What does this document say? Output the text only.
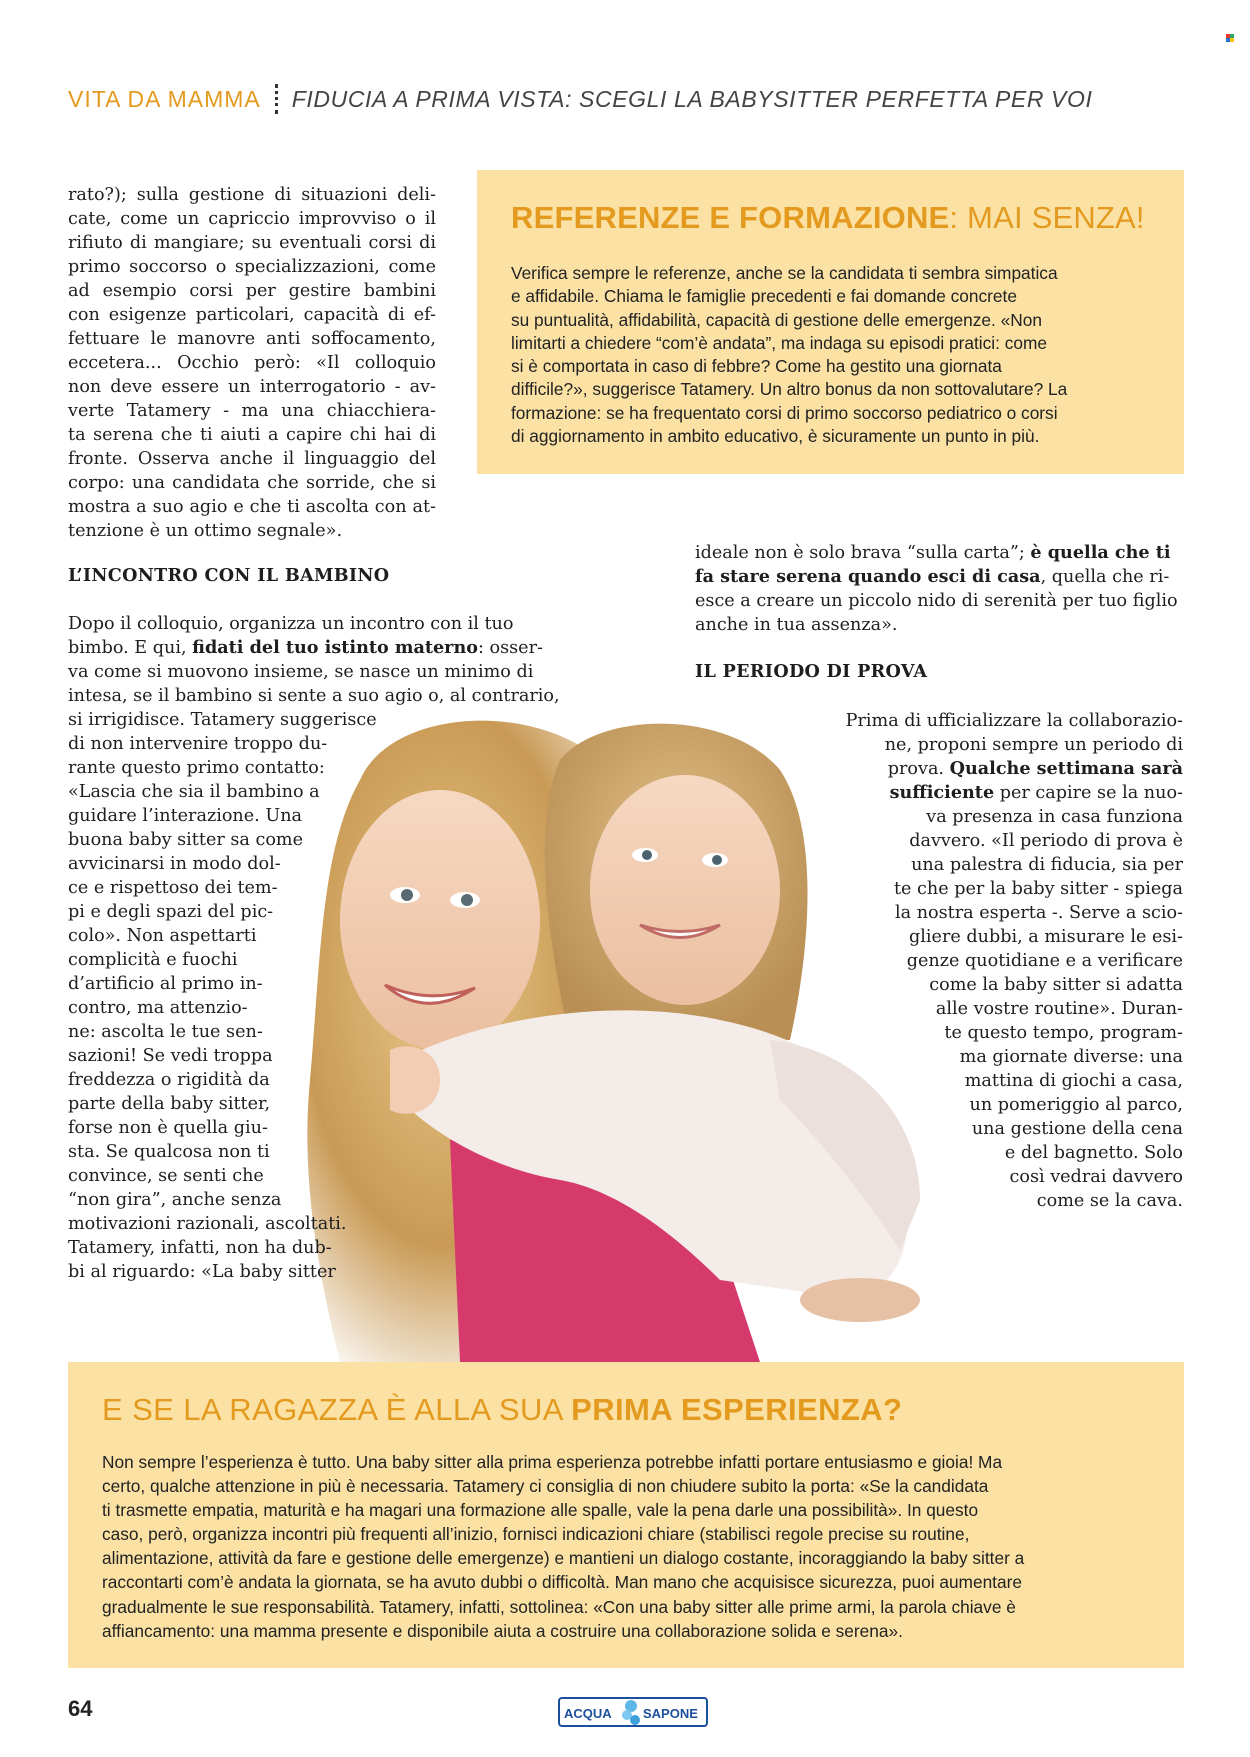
VITA DA MAMMA FIDUCIA A PRIMA VISTA: SCEGLI LA BABYSITTER PERFETTA PER VOI
rato?); sulla gestione di situazioni deli-
cate, come un capriccio improvviso o il
rifiuto di mangiare; su eventuali corsi di
primo soccorso o specializzazioni, come
ad esempio corsi per gestire bambini
con esigenze particolari, capacità di ef-
fettuare le manovre anti soffocamento,
eccetera... Occhio però: «Il colloquio
non deve essere un interrogatorio - av-
verte Tatamery - ma una chiacchiera-
ta serena che ti aiuti a capire chi hai di
fronte. Osserva anche il linguaggio del
corpo: una candidata che sorride, che si
mostra a suo agio e che ti ascolta con at-
tenzione è un ottimo segnale».
REFERENZE E FORMAZIONE: MAI SENZA!
Verifica sempre le referenze, anche se la candidata ti sembra simpatica
e affidabile. Chiama le famiglie precedenti e fai domande concrete
su puntualità, affidabilità, capacità di gestione delle emergenze. «Non
limitarti a chiedere “com’è andata”, ma indaga su episodi pratici: come
si è comportata in caso di febbre? Come ha gestito una giornata
difficile?», suggerisce Tatamery. Un altro bonus da non sottovalutare? La
formazione: se ha frequentato corsi di primo soccorso pediatrico o corsi
di aggiornamento in ambito educativo, è sicuramente un punto in più.
L’INCONTRO CON IL BAMBINO
Dopo il colloquio, organizza un incontro con il tuo
bimbo. E qui, fidati del tuo istinto materno: osser-
va come si muovono insieme, se nasce un minimo di
intesa, se il bambino si sente a suo agio o, al contrario,
si irrigidisce. Tatamery suggerisce
di non intervenire troppo du-
rante questo primo contatto:
«Lascia che sia il bambino a
guidare l’interazione. Una
buona baby sitter sa come
avvicinarsi in modo dol-
ce e rispettoso dei tem-
pi e degli spazi del pic-
colo». Non aspettarti
complicità e fuochi
d’artificio al primo in-
contro, ma attenzio-
ne: ascolta le tue sen-
sazioni! Se vedi troppa
freddezza o rigidità da
parte della baby sitter,
forse non è quella giu-
sta. Se qualcosa non ti
convince, se senti che
“non gira”, anche senza
motivazioni razionali, ascoltati.
Tatamery, infatti, non ha dub-
bi al riguardo: «La baby sitter
ideale non è solo brava “sulla carta”; è quella che ti
fa stare serena quando esci di casa, quella che ri-
esce a creare un piccolo nido di serenità per tuo figlio
anche in tua assenza».
IL PERIODO DI PROVA
Prima di ufficializzare la collaborazio-
ne, proponi sempre un periodo di
prova. Qualche settimana sarà
sufficiente per capire se la nuo-
va presenza in casa funziona
davvero. «Il periodo di prova è
una palestra di fiducia, sia per
te che per la baby sitter - spiega
la nostra esperta -. Serve a scio-
gliere dubbi, a misurare le esi-
genze quotidiane e a verificare
come la baby sitter si adatta
alle vostre routine». Duran-
te questo tempo, program-
ma giornate diverse: una
mattina di giochi a casa,
un pomeriggio al parco,
una gestione della cena
e del bagnetto. Solo
così vedrai davvero
come se la cava.
E SE LA RAGAZZA È ALLA SUA PRIMA ESPERIENZA?
Non sempre l’esperienza è tutto. Una baby sitter alla prima esperienza potrebbe infatti portare entusiasmo e gioia! Ma
certo, qualche attenzione in più è necessaria. Tatamery ci consiglia di non chiudere subito la porta: «Se la candidata
ti trasmette empatia, maturità e ha magari una formazione alle spalle, vale la pena darle una possibilità». In questo
caso, però, organizza incontri più frequenti all’inizio, fornisci indicazioni chiare (stabilisci regole precise su routine,
alimentazione, attività da fare e gestione delle emergenze) e mantieni un dialogo costante, incoraggiando la baby sitter a
raccontarti com’è andata la giornata, se ha avuto dubbi o difficoltà. Man mano che acquisisce sicurezza, puoi aumentare
gradualmente le sue responsabilità. Tatamery, infatti, sottolinea: «Con una baby sitter alle prime armi, la parola chiave è
affiancamento: una mamma presente e disponibile aiuta a costruire una collaborazione solida e serena».
64	ACQUA SAPONE
